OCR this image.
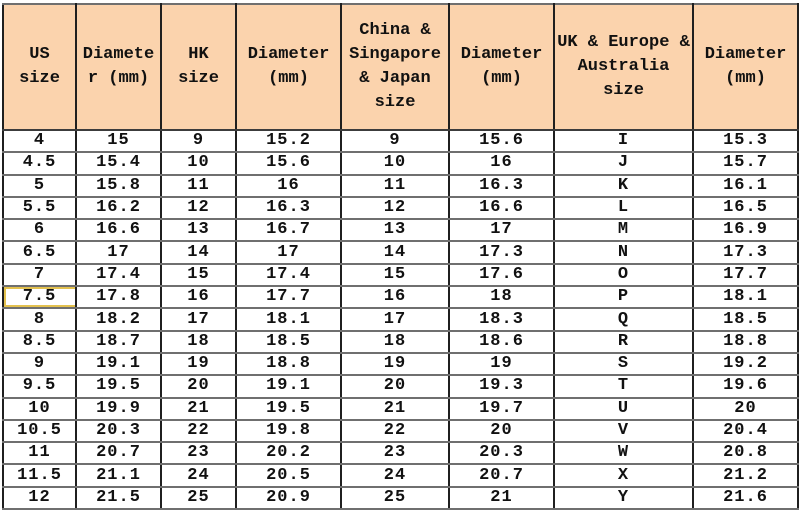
US size	Diameter (mm)	HK size	Diameter (mm)	China & Singapore & Japan size	Diameter (mm)	UK & Europe & Australia size	Diameter (mm)
4	15	9	15.2	9	15.6	I	15.3
4.5	15.4	10	15.6	10	16	J	15.7
5	15.8	11	16	11	16.3	K	16.1
5.5	16.2	12	16.3	12	16.6	L	16.5
6	16.6	13	16.7	13	17	M	16.9
6.5	17	14	17	14	17.3	N	17.3
7	17.4	15	17.4	15	17.6	O	17.7
7.5	17.8	16	17.7	16	18	P	18.1
8	18.2	17	18.1	17	18.3	Q	18.5
8.5	18.7	18	18.5	18	18.6	R	18.8
9	19.1	19	18.8	19	19	S	19.2
9.5	19.5	20	19.1	20	19.3	T	19.6
10	19.9	21	19.5	21	19.7	U	20
10.5	20.3	22	19.8	22	20	V	20.4
11	20.7	23	20.2	23	20.3	W	20.8
11.5	21.1	24	20.5	24	20.7	X	21.2
12	21.5	25	20.9	25	21	Y	21.6
